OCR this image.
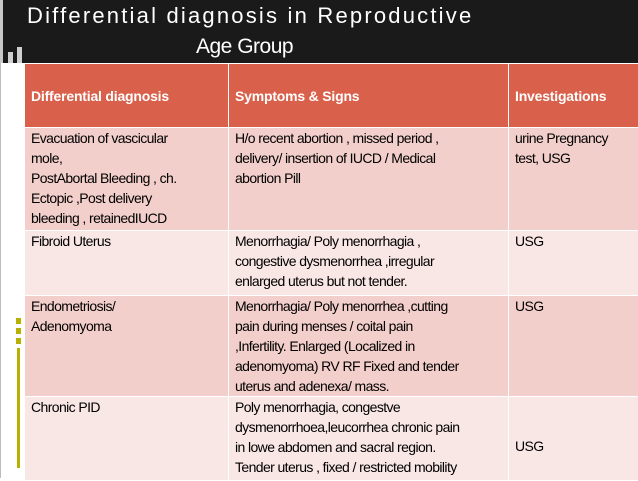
Differential diagnosis in Reproductive
Age Group
Differential diagnosis	Symptoms & Signs	Investigations

Evacuation of vascicular
mole,
PostAbortal Bleeding , ch.
Ectopic ,Post delivery
bleeding , retainedIUCD	H/o recent abortion , missed period ,
delivery/ insertion of IUCD / Medical
abortion Pill	urine Pregnancy
test, USG

Fibroid Uterus	Menorrhagia/ Poly menorrhagia ,
congestive dysmenorrhea ,irregular
enlarged uterus but not tender.	USG

Endometriosis/
Adenomyoma	Menorrhagia/ Poly menorrhea ,cutting
pain during menses / coital pain
,Infertility. Enlarged (Localized in
adenomyoma) RV RF Fixed and tender
uterus and adenexa/ mass.	USG

Chronic PID	Poly menorrhagia, congestve
dysmenorrhoea,leucorrhea chronic pain
in lowe abdomen and sacral region.
Tender uterus , fixed / restricted mobility	USG
